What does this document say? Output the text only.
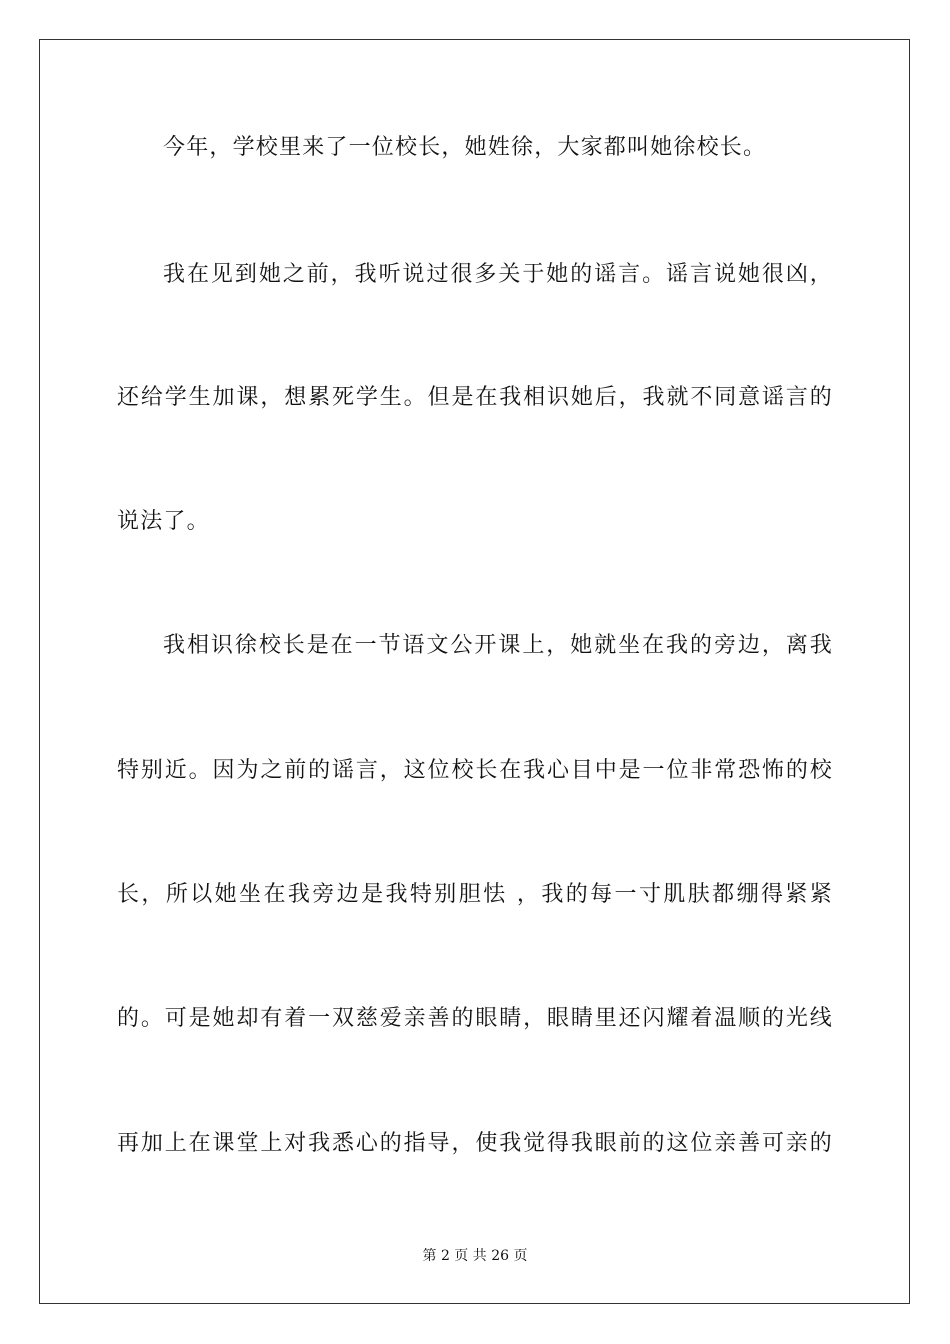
今年，学校里来了一位校长，她姓徐，大家都叫她徐校长。
我在见到她之前，我听说过很多关于她的谣言。谣言说她很凶，
还给学生加课，想累死学生。但是在我相识她后，我就不同意谣言的
说法了。
我相识徐校长是在一节语文公开课上，她就坐在我的旁边，离我
特别近。因为之前的谣言，这位校长在我心目中是一位非常恐怖的校
长，所以她坐在我旁边是我特别胆怯 ，我的每一寸肌肤都绷得紧紧
的。可是她却有着一双慈爱亲善的眼睛，眼睛里还闪耀着温顺的光线
再加上在课堂上对我悉心的指导，使我觉得我眼前的这位亲善可亲的
第 2 页 共 26 页
